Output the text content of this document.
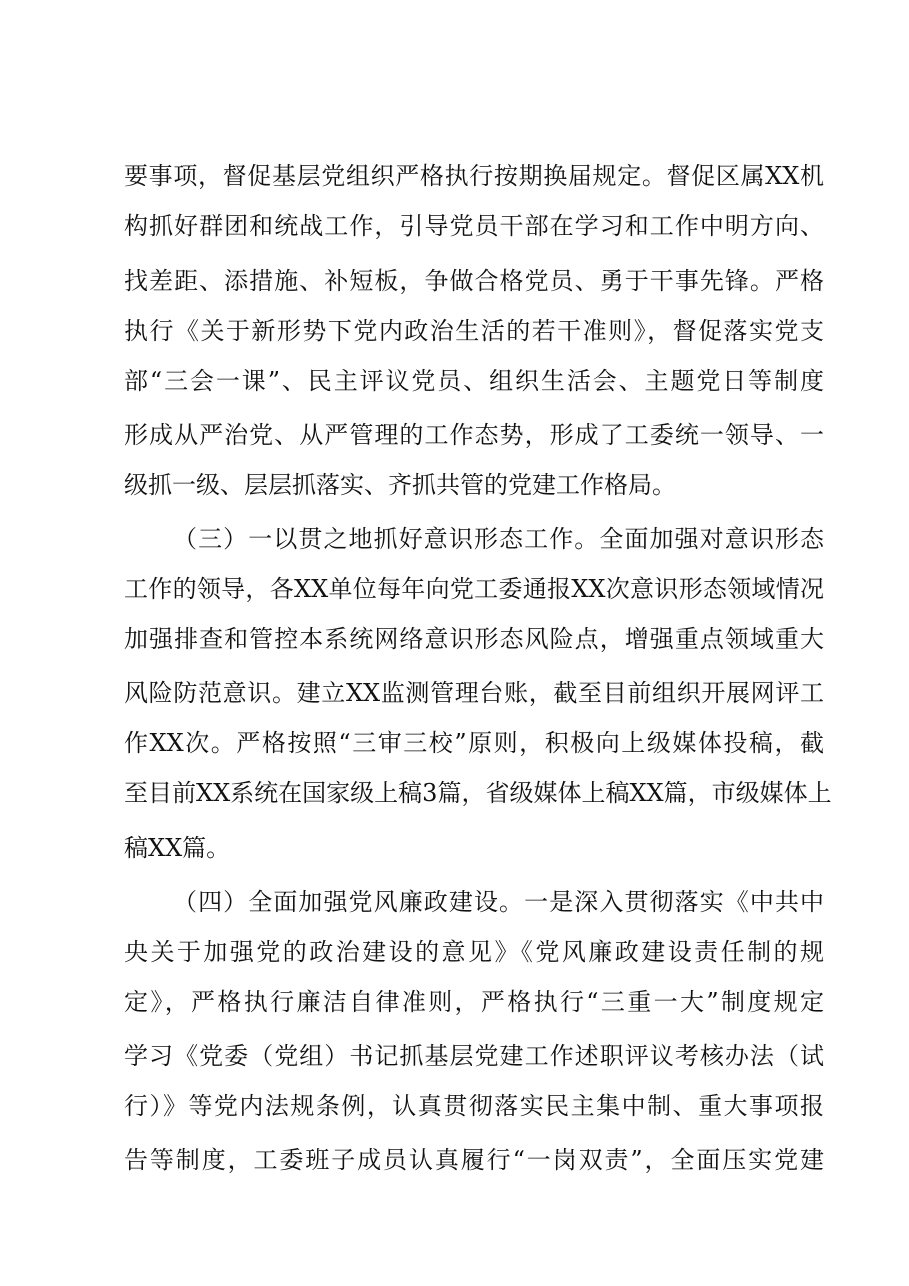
要事项，督促基层党组织严格执行按期换届规定。督促区属XX机
构抓好群团和统战工作，引导党员干部在学习和工作中明方向、
找差距、添措施、补短板，争做合格党员、勇于干事先锋。严格
执行《关于新形势下党内政治生活的若干准则》，督促落实党支
部“三会一课”、民主评议党员、组织生活会、主题党日等制度
形成从严治党、从严管理的工作态势，形成了工委统一领导、一
级抓一级、层层抓落实、齐抓共管的党建工作格局。
（三）一以贯之地抓好意识形态工作。全面加强对意识形态
工作的领导，各XX单位每年向党工委通报XX次意识形态领域情况
加强排查和管控本系统网络意识形态风险点，增强重点领域重大
风险防范意识。建立XX监测管理台账，截至目前组织开展网评工
作XX次。严格按照“三审三校”原则，积极向上级媒体投稿，截
至目前XX系统在国家级上稿3篇，省级媒体上稿XX篇，市级媒体上
稿XX篇。
（四）全面加强党风廉政建设。一是深入贯彻落实《中共中
央关于加强党的政治建设的意见》《党风廉政建设责任制的规
定》，严格执行廉洁自律准则，严格执行“三重一大”制度规定
学习《党委（党组）书记抓基层党建工作述职评议考核办法（试
行）》等党内法规条例，认真贯彻落实民主集中制、重大事项报
告等制度，工委班子成员认真履行“一岗双责”，全面压实党建
